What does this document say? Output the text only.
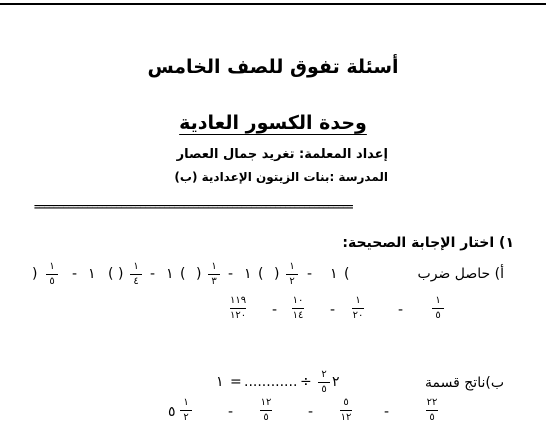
أسئلة تفوق للصف الخامس
وحدة الكسور العادية
إعداد المعلمة: تغريد جمال العصار
المدرسة :بنات الزيتون الإعدادية (ب)
==================================================================
١) اختار الإجابة الصحيحة:
أ) حاصل ضرب
(
١
-
$\frac{١}{٢}$
)
(
١
-
$\frac{١}{٣}$
)
(
١
-
$\frac{١}{٤}$
)
(
١
-
$\frac{١}{٥}$
)
$\frac{١١٩}{١٢٠} - \frac{١٠}{١٤} - \frac{١}{٢٠}$ -	$\frac{١}{٥}$
ب)ناتج قسمة
٢
$\frac{٢}{٥}$
÷
............
=
١
٥ $\frac{١}{٢}$	-	$\frac{١٢}{٥}$	-	$\frac{٥}{١٢}$ -	$\frac{٢٢}{٥}$
